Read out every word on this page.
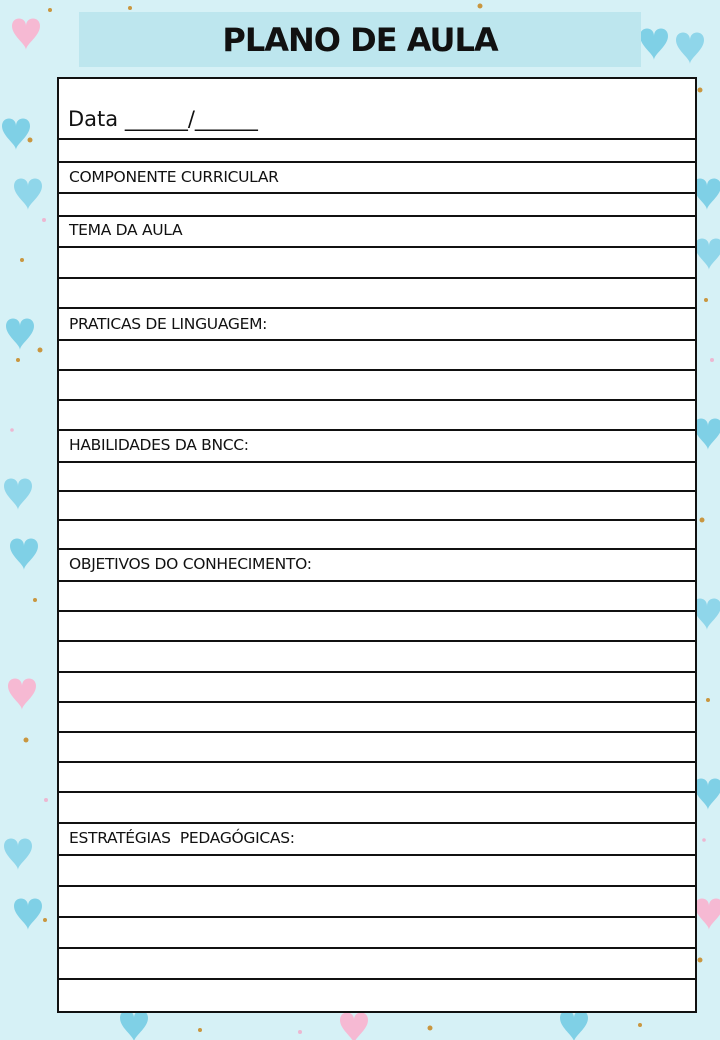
PLANO DE AULA
Data ______/______
COMPONENTE CURRICULAR
TEMA DA AULA
PRATICAS DE LINGUAGEM:
HABILIDADES DA BNCC:
OBJETIVOS DO CONHECIMENTO:
ESTRATÉGIAS  PEDAGÓGICAS:
